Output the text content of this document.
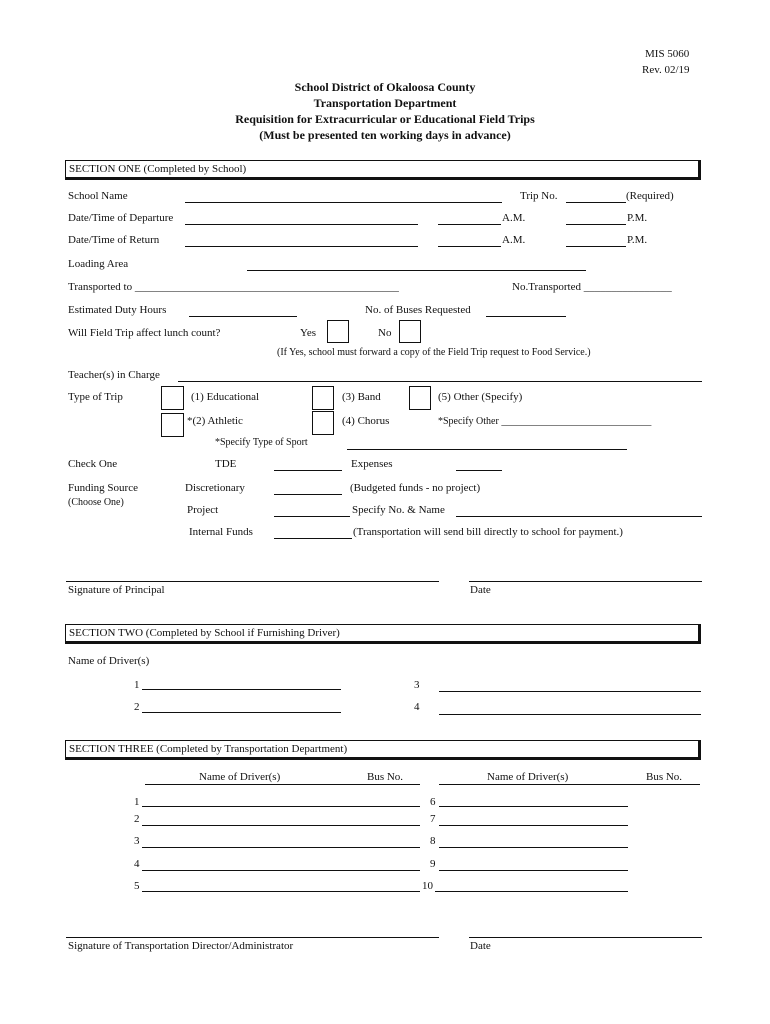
MIS 5060
Rev. 02/19
School District of Okaloosa County
Transportation Department
Requisition for Extracurricular or Educational Field Trips
(Must be presented ten working days in advance)
SECTION ONE (Completed by School)
School Name	Trip No.	(Required)
Date/Time of Departure	A.M.	P.M.
Date/Time of Return	A.M.	P.M.
Loading Area
Transported to ________________________________________________	No.Transported ________________
Estimated Duty Hours	No. of Buses Requested
Will Field Trip affect lunch count?	Yes	No
(If Yes, school must forward a copy of the Field Trip request to Food Service.)
Teacher(s) in Charge
Type of Trip	(1) Educational	(3) Band	(5) Other (Specify)
*(2) Athletic	(4) Chorus	*Specify Other ______________________________
*Specify Type of Sport
Check One	TDE	Expenses
Funding Source
(Choose One)
Discretionary	(Budgeted funds - no project)
Project	Specify No. & Name
Internal Funds	(Transportation will send bill directly to school for payment.)
Signature of Principal	Date
SECTION TWO (Completed by School if Furnishing Driver)
Name of Driver(s)
1	3
2	4
SECTION THREE (Completed by Transportation Department)
Name of Driver(s)	Bus No.	Name of Driver(s)	Bus No.
1	6
2	7
3	8
4	9
5	10
Signature of Transportation Director/Administrator	Date
